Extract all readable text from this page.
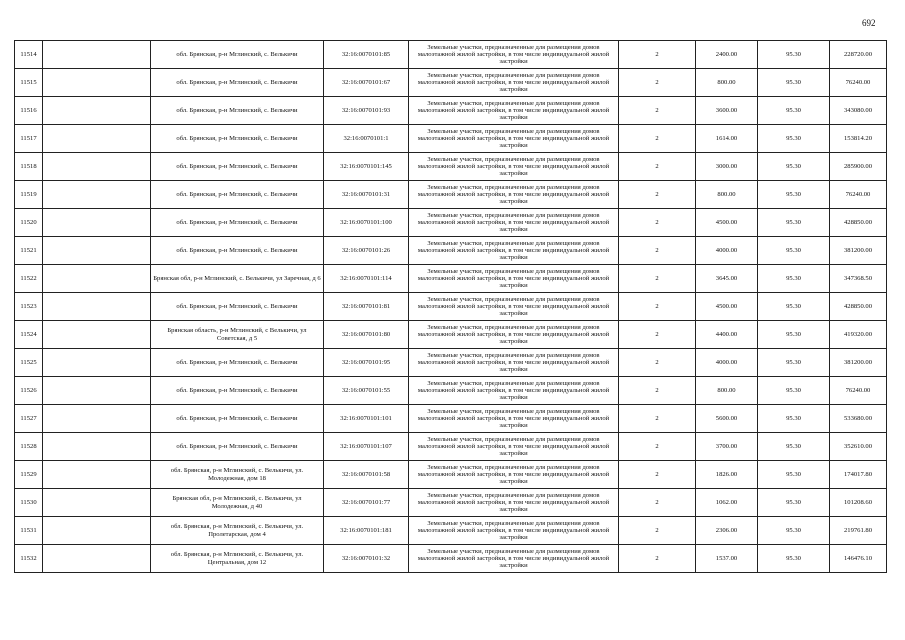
692
11514		обл. Брянская, р-н Мглинский, с. Велькичи	32:16:0070101:85	Земельные участки, предназначенные для размещения домов малоэтажной жилой застройки, в том числе индивидуальной жилой застройки	2	2400.00	95.30	228720.00
11515		обл. Брянская, р-н Мглинский, с. Велькичи	32:16:0070101:67	Земельные участки, предназначенные для размещения домов малоэтажной жилой застройки, в том числе индивидуальной жилой застройки	2	800.00	95.30	76240.00
11516		обл. Брянская, р-н Мглинский, с. Велькичи	32:16:0070101:93	Земельные участки, предназначенные для размещения домов малоэтажной жилой застройки, в том числе индивидуальной жилой застройки	2	3600.00	95.30	343080.00
11517		обл. Брянская, р-н Мглинский, с. Велькичи	32:16:0070101:1	Земельные участки, предназначенные для размещения домов малоэтажной жилой застройки, в том числе индивидуальной жилой застройки	2	1614.00	95.30	153814.20
11518		обл. Брянская, р-н Мглинский, с. Велькичи	32:16:0070101:145	Земельные участки, предназначенные для размещения домов малоэтажной жилой застройки, в том числе индивидуальной жилой застройки	2	3000.00	95.30	285900.00
11519		обл. Брянская, р-н Мглинский, с. Велькичи	32:16:0070101:31	Земельные участки, предназначенные для размещения домов малоэтажной жилой застройки, в том числе индивидуальной жилой застройки	2	800.00	95.30	76240.00
11520		обл. Брянская, р-н Мглинский, с. Велькичи	32:16:0070101:100	Земельные участки, предназначенные для размещения домов малоэтажной жилой застройки, в том числе индивидуальной жилой застройки	2	4500.00	95.30	428850.00
11521		обл. Брянская, р-н Мглинский, с. Велькичи	32:16:0070101:26	Земельные участки, предназначенные для размещения домов малоэтажной жилой застройки, в том числе индивидуальной жилой застройки	2	4000.00	95.30	381200.00
11522		Брянская обл, р-н Мглинский, с. Велькичи, ул Заречная, д 6	32:16:0070101:114	Земельные участки, предназначенные для размещения домов малоэтажной жилой застройки, в том числе индивидуальной жилой застройки	2	3645.00	95.30	347368.50
11523		обл. Брянская, р-н Мглинский, с. Велькичи	32:16:0070101:81	Земельные участки, предназначенные для размещения домов малоэтажной жилой застройки, в том числе индивидуальной жилой застройки	2	4500.00	95.30	428850.00
11524		Брянская область, р-н Мглинский, с Велькичи, ул Советская, д 5	32:16:0070101:80	Земельные участки, предназначенные для размещения домов малоэтажной жилой застройки, в том числе индивидуальной жилой застройки	2	4400.00	95.30	419320.00
11525		обл. Брянская, р-н Мглинский, с. Велькичи	32:16:0070101:95	Земельные участки, предназначенные для размещения домов малоэтажной жилой застройки, в том числе индивидуальной жилой застройки	2	4000.00	95.30	381200.00
11526		обл. Брянская, р-н Мглинский, с. Велькичи	32:16:0070101:55	Земельные участки, предназначенные для размещения домов малоэтажной жилой застройки, в том числе индивидуальной жилой застройки	2	800.00	95.30	76240.00
11527		обл. Брянская, р-н Мглинский, с. Велькичи	32:16:0070101:101	Земельные участки, предназначенные для размещения домов малоэтажной жилой застройки, в том числе индивидуальной жилой застройки	2	5600.00	95.30	533680.00
11528		обл. Брянская, р-н Мглинский, с. Велькичи	32:16:0070101:107	Земельные участки, предназначенные для размещения домов малоэтажной жилой застройки, в том числе индивидуальной жилой застройки	2	3700.00	95.30	352610.00
11529		обл. Брянская, р-н Мглинский, с. Велькичи, ул. Молодежная, дом 18	32:16:0070101:58	Земельные участки, предназначенные для размещения домов малоэтажной жилой застройки, в том числе индивидуальной жилой застройки	2	1826.00	95.30	174017.80
11530		Брянская обл, р-н Мглинский, с. Велькичи, ул Молодежная, д 40	32:16:0070101:77	Земельные участки, предназначенные для размещения домов малоэтажной жилой застройки, в том числе индивидуальной жилой застройки	2	1062.00	95.30	101208.60
11531		обл. Брянская, р-н Мглинский, с. Велькичи, ул. Пролетарская, дом 4	32:16:0070101:181	Земельные участки, предназначенные для размещения домов малоэтажной жилой застройки, в том числе индивидуальной жилой застройки	2	2306.00	95.30	219761.80
11532		обл. Брянская, р-н Мглинский, с. Велькичи, ул. Центральная, дом 12	32:16:0070101:32	Земельные участки, предназначенные для размещения домов малоэтажной жилой застройки, в том числе индивидуальной жилой застройки	2	1537.00	95.30	146476.10
